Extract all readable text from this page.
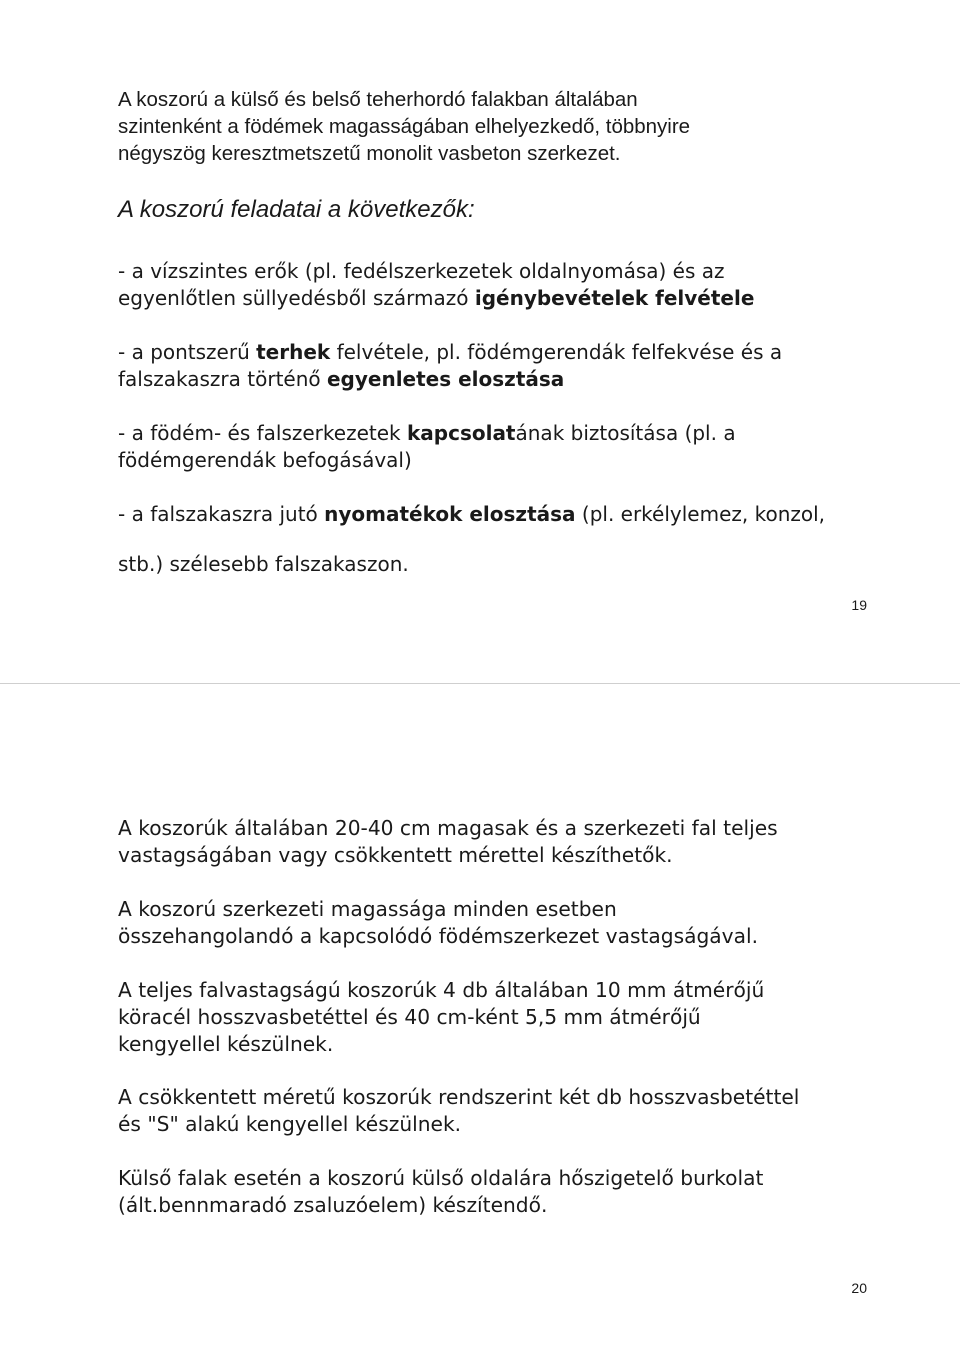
A koszorú a külső és belső teherhordó falakban általában

szintenként a födémek magasságában elhelyezkedő, többnyire

négyszög keresztmetszetű monolit vasbeton szerkezet.

A koszorú feladatai a következők:

- a vízszintes erők (pl. fedélszerkezetek oldalnyomása) és az

egyenlőtlen süllyedésből származó igénybevételek felvétele

- a pontszerű terhek felvétele, pl. födémgerendák felfekvése és a

falszakaszra történő egyenletes elosztása

- a födém- és falszerkezetek kapcsolatának biztosítása (pl. a

födémgerendák befogásával)

- a falszakaszra jutó nyomatékok elosztása (pl. erkélylemez, konzol,

stb.) szélesebb falszakaszon.

19

A koszorúk általában 20-40 cm magasak és a szerkezeti fal teljes

vastagságában vagy csökkentett mérettel készíthetők.

A koszorú szerkezeti magassága minden esetben

összehangolandó a kapcsolódó födémszerkezet vastagságával.

A teljes falvastagságú koszorúk 4 db általában 10 mm átmérőjű

köracél hosszvasbetéttel és 40 cm-ként 5,5 mm átmérőjű

kengyellel készülnek.

A csökkentett méretű koszorúk rendszerint két db hosszvasbetéttel

és "S" alakú kengyellel készülnek.

Külső falak esetén a koszorú külső oldalára hőszigetelő burkolat

(ált.bennmaradó zsaluzóelem) készítendő.

20
